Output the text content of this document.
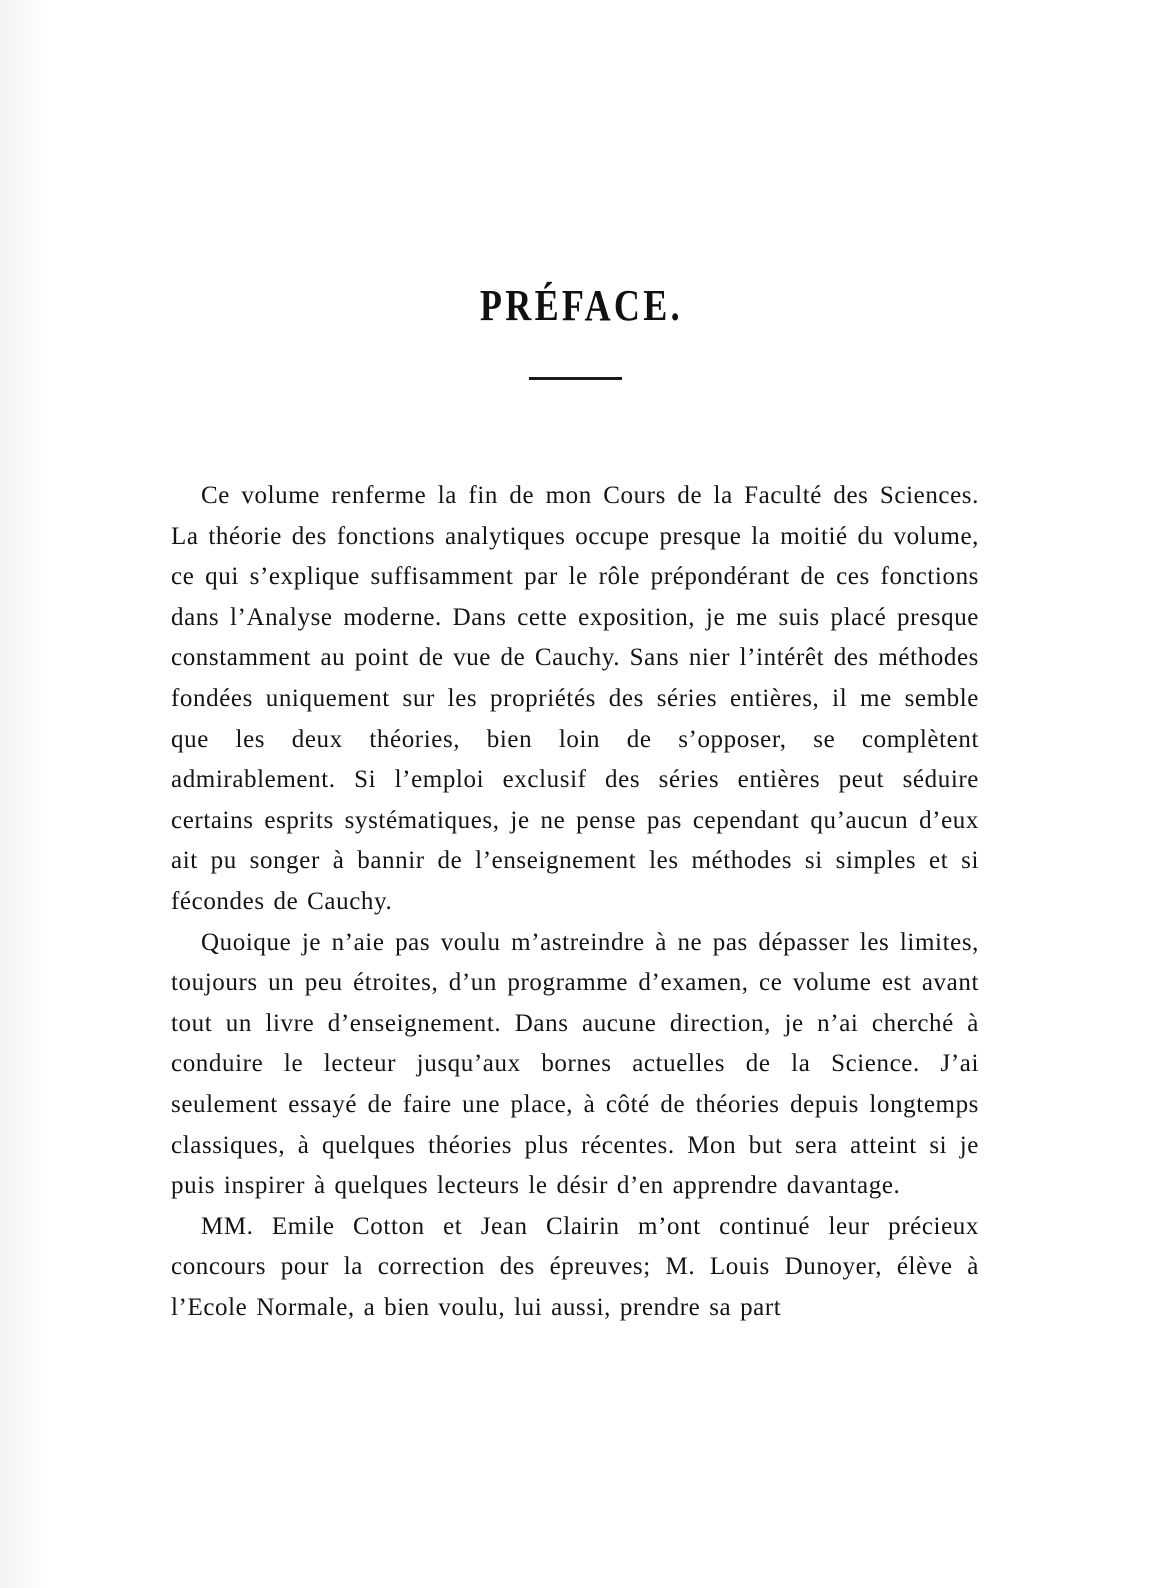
PRÉFACE.

Ce volume renferme la fin de mon Cours de la Faculté des Sciences. La théorie des fonctions analytiques occupe presque la moitié du volume, ce qui s’explique suffisamment par le rôle prépondérant de ces fonctions dans l’Analyse moderne. Dans cette exposition, je me suis placé presque constamment au point de vue de Cauchy. Sans nier l’intérêt des méthodes fondées uniquement sur les propriétés des séries entières, il me semble que les deux théories, bien loin de s’opposer, se complètent admirablement. Si l’emploi exclusif des séries entières peut séduire certains esprits systématiques, je ne pense pas cependant qu’aucun d’eux ait pu songer à bannir de l’enseignement les méthodes si simples et si fécondes de Cauchy.

Quoique je n’aie pas voulu m’astreindre à ne pas dépasser les limites, toujours un peu étroites, d’un programme d’examen, ce volume est avant tout un livre d’enseignement. Dans aucune direction, je n’ai cherché à conduire le lecteur jusqu’aux bornes actuelles de la Science. J’ai seulement essayé de faire une place, à côté de théories depuis longtemps classiques, à quelques théories plus récentes. Mon but sera atteint si je puis inspirer à quelques lecteurs le désir d’en apprendre davantage.

MM. Emile Cotton et Jean Clairin m’ont continué leur précieux concours pour la correction des épreuves; M. Louis Dunoyer, élève à l’Ecole Normale, a bien voulu, lui aussi, prendre sa part
